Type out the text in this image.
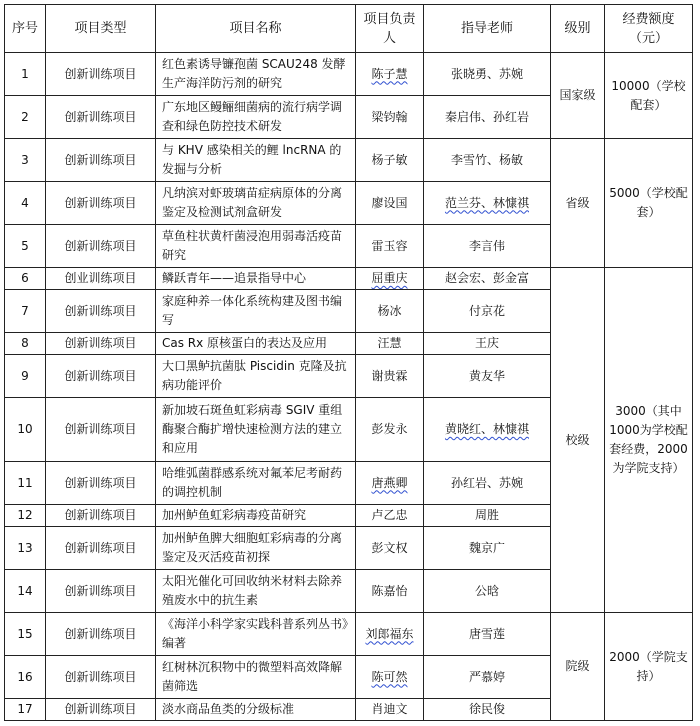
序号	项目类型	项目名称	项目负责人	指导老师	级别	经费额度（元）
1	创新训练项目	红色素诱导镰孢菌 SCAU248 发酵生产海洋防污剂的研究	陈子慧	张晓勇、苏婉	国家级	10000（学校配套）
2	创新训练项目	广东地区鳗鲡细菌病的流行病学调查和绿色防控技术研发	梁钧翰	秦启伟、孙红岩		
3	创新训练项目	与 KHV 感染相关的鲤 lncRNA 的发掘与分析	杨子敏	李雪竹、杨敏	省级	5000（学校配套）
4	创新训练项目	凡纳滨对虾玻璃苗症病原体的分离鉴定及检测试剂盒研发	廖设国	范兰芬、林慷祺		
5	创新训练项目	草鱼柱状黄杆菌浸泡用弱毒活疫苗研究	雷玉容	李言伟		
6	创业训练项目	鳞跃青年——追景指导中心	屈重庆	赵会宏、彭金富	校级	3000（其中1000为学校配套经费，2000为学院支持）
7	创新训练项目	家庭种养一体化系统构建及图书编写	杨冰	付京花		
8	创新训练项目	Cas Rx 原核蛋白的表达及应用	汪慧	王庆		
9	创新训练项目	大口黑鲈抗菌肽 Piscidin 克隆及抗病功能评价	谢贵霖	黄友华		
10	创新训练项目	新加坡石斑鱼虹彩病毒 SGIV 重组酶聚合酶扩增快速检测方法的建立和应用	彭发永	黄晓红、林慷祺		
11	创新训练项目	哈维弧菌群感系统对氟苯尼考耐药的调控机制	唐燕卿	孙红岩、苏婉		
12	创新训练项目	加州鲈鱼虹彩病毒疫苗研究	卢乙忠	周胜		
13	创新训练项目	加州鲈鱼脾大细胞虹彩病毒的分离鉴定及灭活疫苗初探	彭文权	魏京广		
14	创新训练项目	太阳光催化可回收纳米材料去除养殖废水中的抗生素	陈嘉怡	公晗		
15	创新训练项目	《海洋小科学家实践科普系列丛书》编著	刘郎福东	唐雪莲	院级	2000（学院支持）
16	创新训练项目	红树林沉积物中的微塑料高效降解菌筛选	陈可然	严慕婷		
17	创新训练项目	淡水商品鱼类的分级标准	肖迪文	徐民俊		
